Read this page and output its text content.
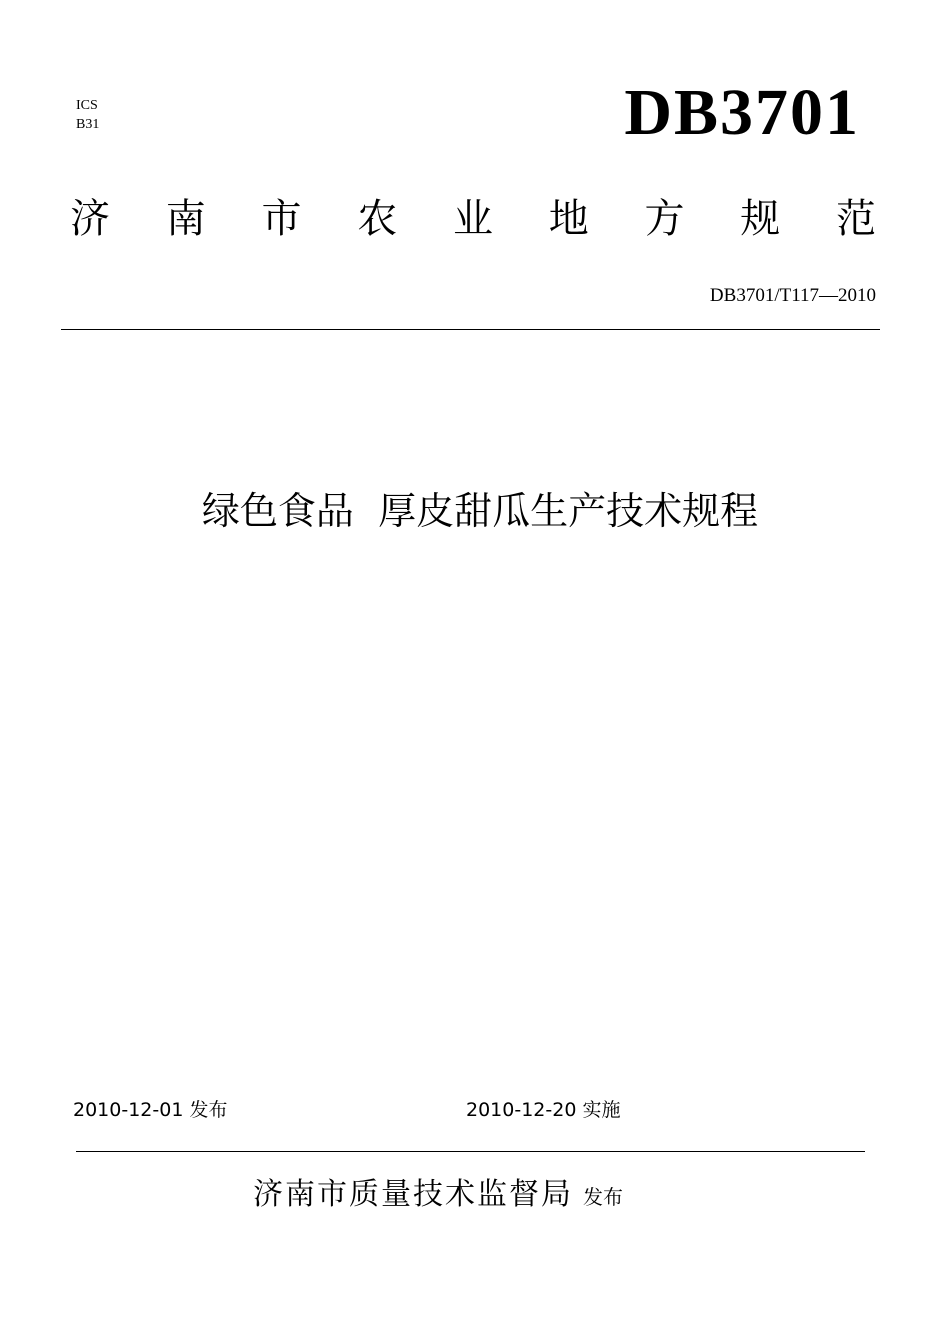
ICS
B31	DB3701
济 南 市 农 业 地 方 规 范
DB3701/T117—2010
绿色食品  厚皮甜瓜生产技术规程
2010-12-01 发布	2010-12-20 实施
济南市质量技术监督局 发布
